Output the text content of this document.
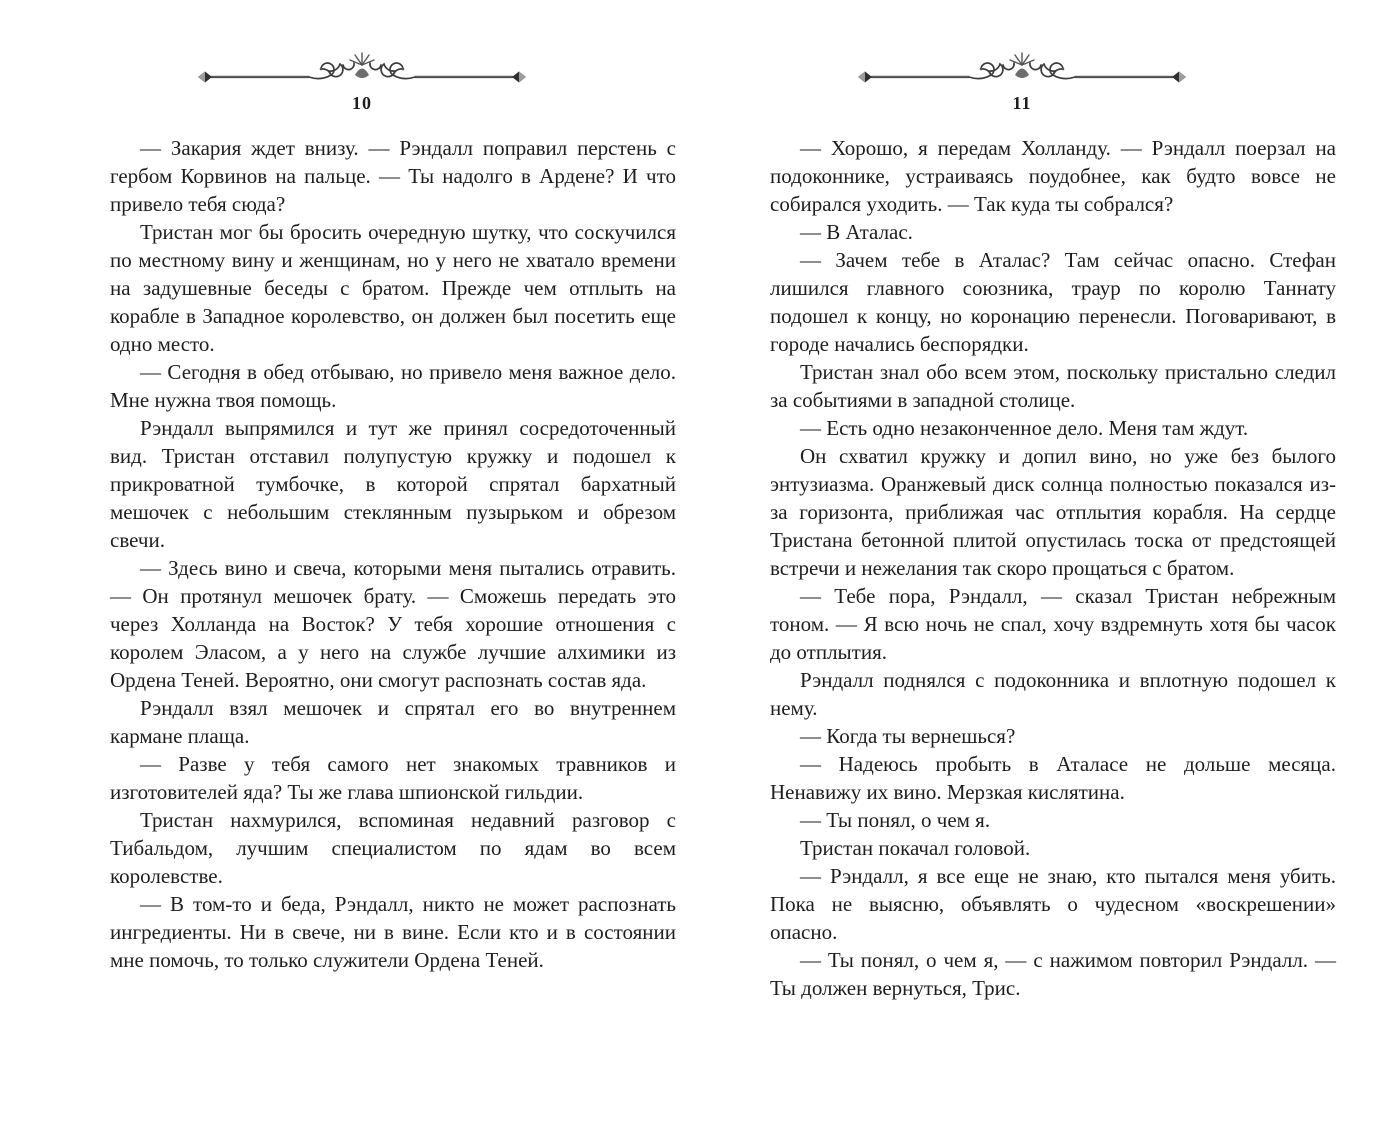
10

— Закария ждет внизу. — Рэндалл поправил перстень с гербом Корвинов на пальце. — Ты надолго в Ардене? И что привело тебя сюда?

Тристан мог бы бросить очередную шутку, что соскучился по местному вину и женщинам, но у него не хватало времени на задушевные беседы с братом. Прежде чем отплыть на корабле в Западное королевство, он должен был посетить еще одно место.

— Сегодня в обед отбываю, но привело меня важное дело. Мне нужна твоя помощь.

Рэндалл выпрямился и тут же принял сосредоточенный вид. Тристан отставил полупустую кружку и подошел к прикроватной тумбочке, в которой спрятал бархатный мешочек с небольшим стеклянным пузырьком и обрезом свечи.

— Здесь вино и свеча, которыми меня пытались отравить. — Он протянул мешочек брату. — Сможешь передать это через Холланда на Восток? У тебя хорошие отношения с королем Эласом, а у него на службе лучшие алхимики из Ордена Теней. Вероятно, они смогут распознать состав яда.

Рэндалл взял мешочек и спрятал его во внутреннем кармане плаща.

— Разве у тебя самого нет знакомых травников и изготовителей яда? Ты же глава шпионской гильдии.

Тристан нахмурился, вспоминая недавний разговор с Тибальдом, лучшим специалистом по ядам во всем королевстве.

— В том-то и беда, Рэндалл, никто не может распознать ингредиенты. Ни в свече, ни в вине. Если кто и в состоянии мне помочь, то только служители Ордена Теней.

11

— Хорошо, я передам Холланду. — Рэндалл поерзал на подоконнике, устраиваясь поудобнее, как будто вовсе не собирался уходить. — Так куда ты собрался?

— В Аталас.

— Зачем тебе в Аталас? Там сейчас опасно. Стефан лишился главного союзника, траур по королю Таннату подошел к концу, но коронацию перенесли. Поговаривают, в городе начались беспорядки.

Тристан знал обо всем этом, поскольку пристально следил за событиями в западной столице.

— Есть одно незаконченное дело. Меня там ждут.

Он схватил кружку и допил вино, но уже без былого энтузиазма. Оранжевый диск солнца полностью показался из-за горизонта, приближая час отплытия корабля. На сердце Тристана бетонной плитой опустилась тоска от предстоящей встречи и нежелания так скоро прощаться с братом.

— Тебе пора, Рэндалл, — сказал Тристан небрежным тоном. — Я всю ночь не спал, хочу вздремнуть хотя бы часок до отплытия.

Рэндалл поднялся с подоконника и вплотную подошел к нему.

— Когда ты вернешься?

— Надеюсь пробыть в Аталасе не дольше месяца. Ненавижу их вино. Мерзкая кислятина.

— Ты понял, о чем я.

Тристан покачал головой.

— Рэндалл, я все еще не знаю, кто пытался меня убить. Пока не выясню, объявлять о чудесном «воскрешении» опасно.

— Ты понял, о чем я, — с нажимом повторил Рэндалл. — Ты должен вернуться, Трис.
